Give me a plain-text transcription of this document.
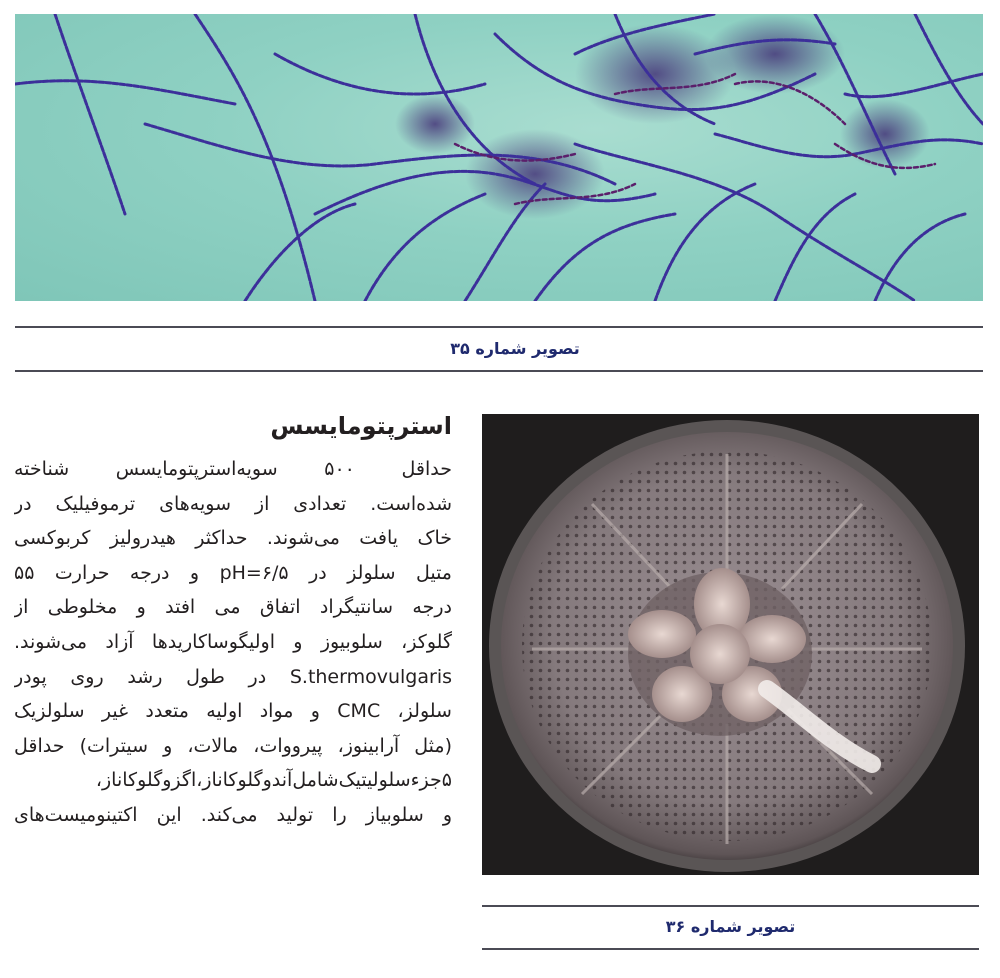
تصویر شماره ۳۵
استرپتومایسس
حداقل ۵۰۰ سویه‌استرپتومایسس شناخته
شده‌است. تعدادی از سویه‌های ترموفیلیک در
خاک یافت می‌شوند. حداکثر هیدرولیز کربوکسی
متیل سلولز در pH=۶/۵ و درجه حرارت ۵۵
درجه سانتیگراد اتفاق می افتد و مخلوطی از
گلوکز، سلوبیوز و اولیگوساکاریدها آزاد می‌شوند.
S.thermovulgaris در طول رشد روی پودر
سلولز، CMC و مواد اولیه متعدد غیر سلولزیک
(مثل آرابینوز، پیرووات، مالات، و سیترات) حداقل
۵جزءسلولیتیک‌شامل‌آندوگلوکاناز،اگزوگلوکاناز،
و سلوبیاز را تولید می‌کند. این اکتینومیست‌های
تصویر شماره ۳۶
